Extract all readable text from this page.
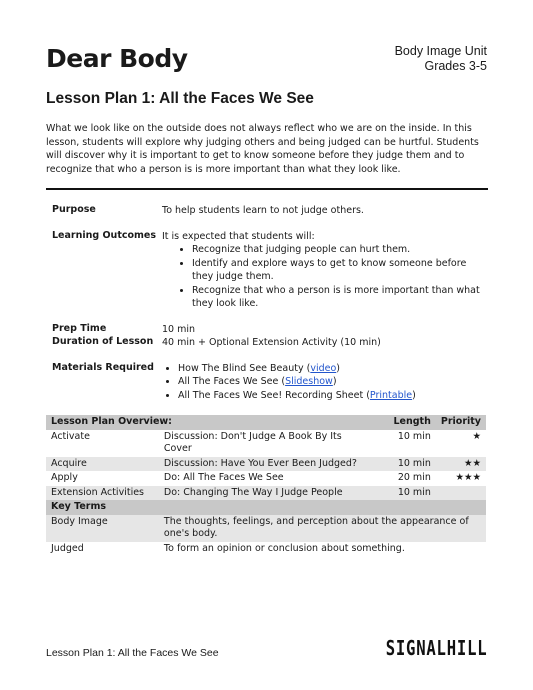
Dear Body	Body Image Unit
Grades 3-5
Lesson Plan 1: All the Faces We See

What we look like on the outside does not always reflect who we are on the inside. In this lesson, students will explore why judging others and being judged can be hurtful. Students will discover why it is important to get to know someone before they judge them and to recognize that who a person is is more important than what they look like.

Purpose	To help students learn to not judge others.
Learning Outcomes It is expected that students will:
• Recognize that judging people can hurt them.
• Identify and explore ways to get to know someone before they judge them.
• Recognize that who a person is is more important than what they look like.
Prep Time	10 min
Duration of Lesson 40 min + Optional Extension Activity (10 min)
Materials Required	• How The Blind See Beauty (video)
• All The Faces We See (Slideshow)
• All The Faces We See! Recording Sheet (Printable)
Lesson Plan Overview:		Length	Priority
Activate	Discussion: Don't Judge A Book By Its Cover	10 min	★
Acquire	Discussion: Have You Ever Been Judged?	10 min	★★
Apply	Do: All The Faces We See	20 min	★★★
Extension Activities	Do: Changing The Way I Judge People	10 min	
Key Terms			
Body Image	The thoughts, feelings, and perception about the appearance of one's body.		
Judged	To form an opinion or conclusion about something.		
Lesson Plan 1: All the Faces We See	SIGNALHILL
